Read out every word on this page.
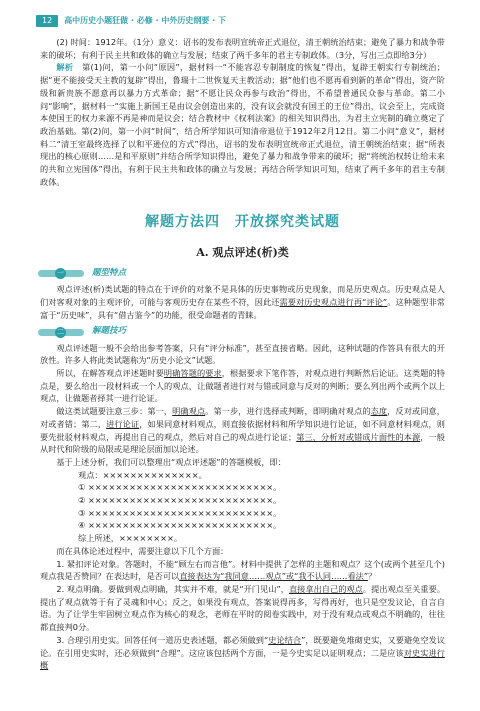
12	高中历史小题狂做 · 必修 · 中外历史纲要 · 下

(2) 时间：1912年。（1分）意义：诏书的发布表明宣统帝正式退位，清王朝统治结束；避免了暴力和战争带来的破坏；有利于民主共和政体的确立与发展；结束了两千多年的君主专制政体。（3分，写出三点即给3分）

解析　 第(1)问，第一小问“原因”，据材料一“不能容忍专制制度的恢复”得出，复辟王朝实行专制统治；据“更不能接受天主教的复辟”得出，鲁瑞十二世恢复天主教活动；据“他们也不愿再看到新的革命”得出，资产阶级和新贵族不愿意再以暴力方式革命；据“不愿让民众再参与政治”得出，不希望普通民众参与革命。第二小问“影响”，据材料一“实施上新国王是由议会创造出来的，没有议会就没有国王的王位”得出，议会至上，完成资本使国王的权力来源不再是神而是议会；结合教材中《权利法案》的相关知识得出，为君主立宪制的确立奠定了政治基础。第(2)问，第一小问“时间”，结合所学知识可知清帝退位于1912年2月12日。第二小问“意义”，据材料二“清王室最终选择了以和平逊位的方式”得出，诏书的发布表明宣统帝正式退位，清王朝统治结束；据“所表现出的核心原则……是和平原则”并结合所学知识得出，避免了暴力和战争带来的破坏；据“将统治权转让给未来的共和立宪国体”得出，有利于民主共和政体的确立与发展；再结合所学知识可知，结束了两千多年的君主专制政体。

解题方法四　开放探究类试题
A. 观点评述(析)类
一	题型特点

观点评述(析)类试题的特点在于评价的对象不是具体的历史事物或历史现象，而是历史观点。历史观点是人们对客观对象的主观评价，可能与客观历史存在某些不符，因此还需要对历史观点进行再“评论”。这种题型非常富于“历史味”，具有“借古鉴今”的功能，很受命题者的青睐。

二	解题技巧

观点评述题一般不会给出参考答案，只有“评分标准”，甚至直接省略。因此，这种试题的作答具有很大的开放性。许多人将此类试题称为“历史小论文”试题。

所以，在解答观点评述题时要明确答题的要求，根据要求下笔作答，对观点进行判断然后论证。这类题的特点是，要么给出一段材料或一个人的观点，让做题者进行对与错或同意与反对的判断；要么列出两个或两个以上观点，让做题者择其一进行论证。

做这类试题要注意三步：第一，明确观点。第一步，进行选择或判断，即明确对观点的态度，反对或同意，对或者错；第二，进行论证，如果同意材料观点，则直接依据材料和所学知识进行论证，如不同意材料观点，则要先批驳材料观点，再提出自己的观点，然后对自己的观点进行论证；第三，分析对或错成片面性的本源，一般从时代和阶级的局限或是理论层面加以论述。

基于上述分析，我们可以整理出“观点评述题”的答题模板，即：

观点：××××××××××××××。
① ×××××××××××××××××××××××××××。
② ×××××××××××××××××××××××××××。
③ ×××××××××××××××××××××××××××。
④ ×××××××××××××××××××××××××××。
综上所述，××××××××。

而在具体论述过程中，需要注意以下几个方面：

1. 紧扣评论对象。答题时，不能“顾左右而言他”。材料中提供了怎样的主题和观点？这个(或两个甚至几个)观点我是否赞同？在表达时，是否可以直接表达为“我同意……观点”或“我不认同……看法”？

2. 观点明确。要做到观点明确，其实并不难，就是“开门见山”，直接拿出自己的观点。提出观点至关重要。提出了观点就等于有了灵魂和中心；反之，如果没有观点，答案说得再多，写得再好，也只是空发议论，自言自语。为了让学生牢固树立观点作为核心的观念，老师在平时的阅卷实践中，对于没有观点或观点不明确的，往往都直接判0分。

3. 合理引用史实。回答任何一道历史表述题，都必须做到“史论结合”，既要避免堆砌史实，又要避免空发议论。在引用史实时，还必须做到“合理”。这应该包括两个方面，一是今史实足以证明观点；二是应该对史实进行概
